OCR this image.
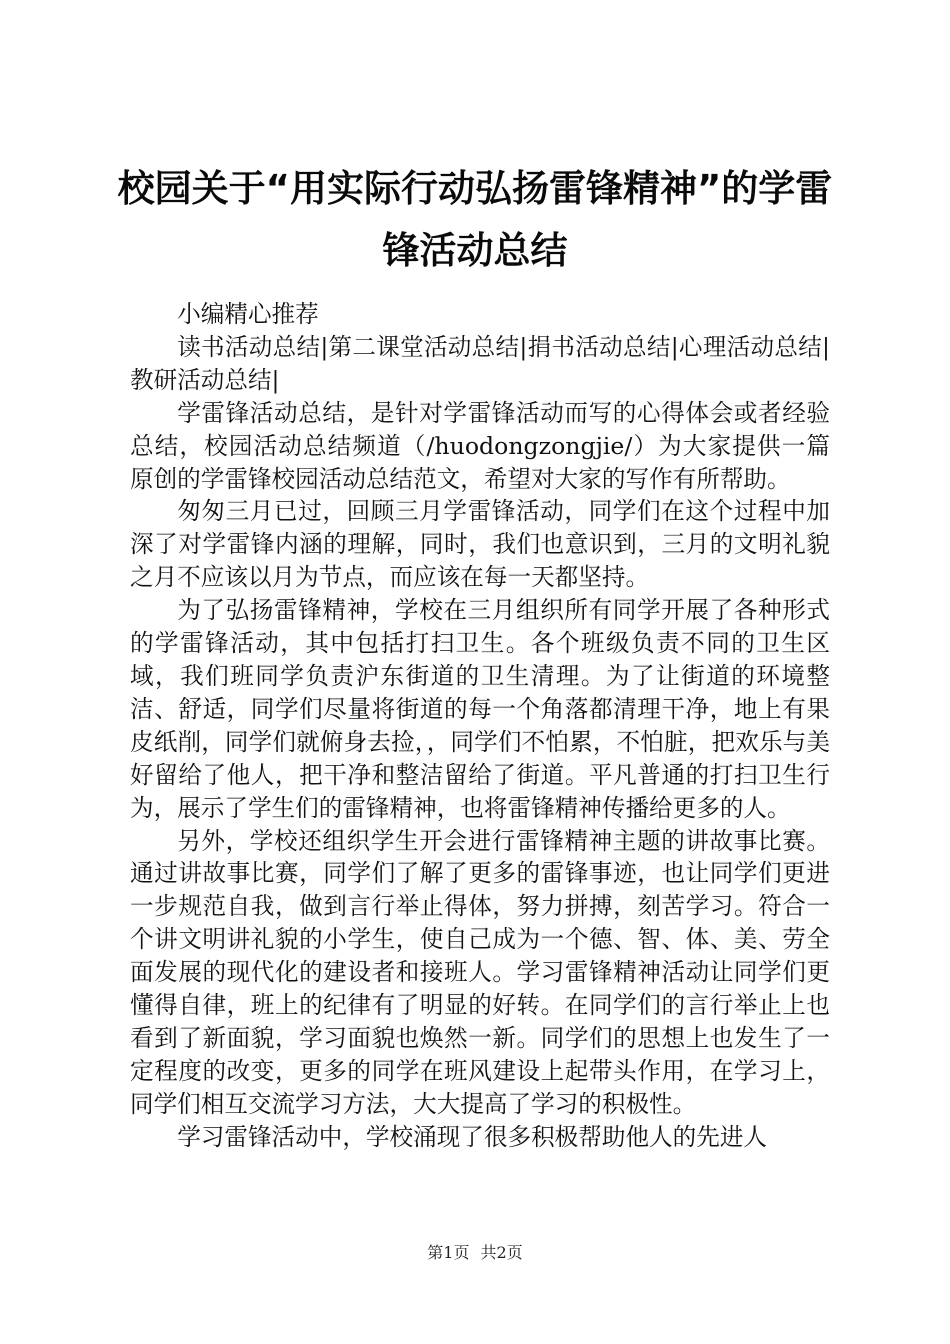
校园关于“用实际行动弘扬雷锋精神”的学雷锋活动总结

小编精心推荐

读书活动总结|第二课堂活动总结|捐书活动总结|心理活动总结|教研活动总结|

学雷锋活动总结，是针对学雷锋活动而写的心得体会或者经验总结，校园活动总结频道（/huodongzongjie/）为大家提供一篇原创的学雷锋校园活动总结范文，希望对大家的写作有所帮助。

匆匆三月已过，回顾三月学雷锋活动，同学们在这个过程中加深了对学雷锋内涵的理解，同时，我们也意识到，三月的文明礼貌之月不应该以月为节点，而应该在每一天都坚持。

为了弘扬雷锋精神，学校在三月组织所有同学开展了各种形式的学雷锋活动，其中包括打扫卫生。各个班级负责不同的卫生区域，我们班同学负责沪东街道的卫生清理。为了让街道的环境整洁、舒适，同学们尽量将街道的每一个角落都清理干净，地上有果皮纸削，同学们就俯身去捡，，同学们不怕累，不怕脏，把欢乐与美好留给了他人，把干净和整洁留给了街道。平凡普通的打扫卫生行为，展示了学生们的雷锋精神，也将雷锋精神传播给更多的人。

另外，学校还组织学生开会进行雷锋精神主题的讲故事比赛。通过讲故事比赛，同学们了解了更多的雷锋事迹，也让同学们更进一步规范自我，做到言行举止得体，努力拼搏，刻苦学习。符合一个讲文明讲礼貌的小学生，使自己成为一个德、智、体、美、劳全面发展的现代化的建设者和接班人。学习雷锋精神活动让同学们更懂得自律，班上的纪律有了明显的好转。在同学们的言行举止上也看到了新面貌，学习面貌也焕然一新。同学们的思想上也发生了一定程度的改变，更多的同学在班风建设上起带头作用，在学习上，同学们相互交流学习方法，大大提高了学习的积极性。

学习雷锋活动中，学校涌现了很多积极帮助他人的先进人

第1页 共2页
